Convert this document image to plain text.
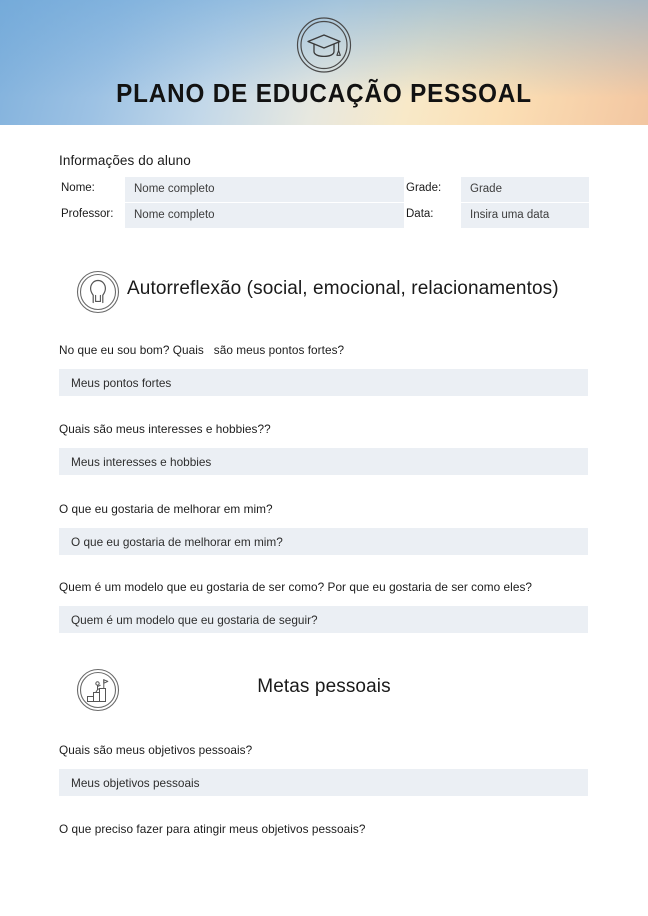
PLANO DE EDUCAÇÃO PESSOAL
Informações do aluno
Nome:	Nome completo	Grade:	Grade
Professor:	Nome completo	Data:	Insira uma data
Autorreflexão (social, emocional, relacionamentos)
No que eu sou bom? Quais   são meus pontos fortes?
Meus pontos fortes
Quais são meus interesses e hobbies??
Meus interesses e hobbies
O que eu gostaria de melhorar em mim?
O que eu gostaria de melhorar em mim?
Quem é um modelo que eu gostaria de ser como? Por que eu gostaria de ser como eles?
Quem é um modelo que eu gostaria de seguir?
Metas pessoais
Quais são meus objetivos pessoais?
Meus objetivos pessoais
O que preciso fazer para atingir meus objetivos pessoais?
